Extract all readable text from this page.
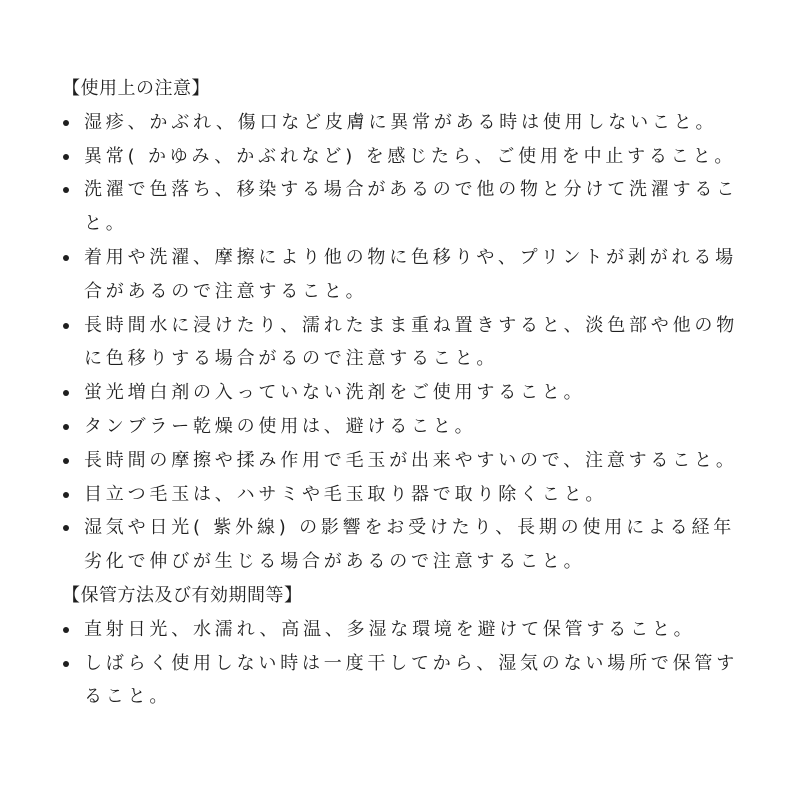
【使用上の注意】
湿疹、かぶれ、傷口など皮膚に異常がある時は使用しないこと。
異常( かゆみ、かぶれなど) を感じたら、ご使用を中止すること。
洗濯で色落ち、移染する場合があるので他の物と分けて洗濯すること。
着用や洗濯、摩擦により他の物に色移りや、プリントが剥がれる場合があるので注意すること。
長時間水に浸けたり、濡れたまま重ね置きすると、淡色部や他の物に色移りする場合がるので注意すること。
蛍光増白剤の入っていない洗剤をご使用すること。
タンブラー乾燥の使用は、避けること。
長時間の摩擦や揉み作用で毛玉が出来やすいので、注意すること。
目立つ毛玉は、ハサミや毛玉取り器で取り除くこと。
湿気や日光( 紫外線) の影響をお受けたり、長期の使用による経年劣化で伸びが生じる場合があるので注意すること。
【保管方法及び有効期間等】
直射日光、水濡れ、高温、多湿な環境を避けて保管すること。
しばらく使用しない時は一度干してから、湿気のない場所で保管すること。
